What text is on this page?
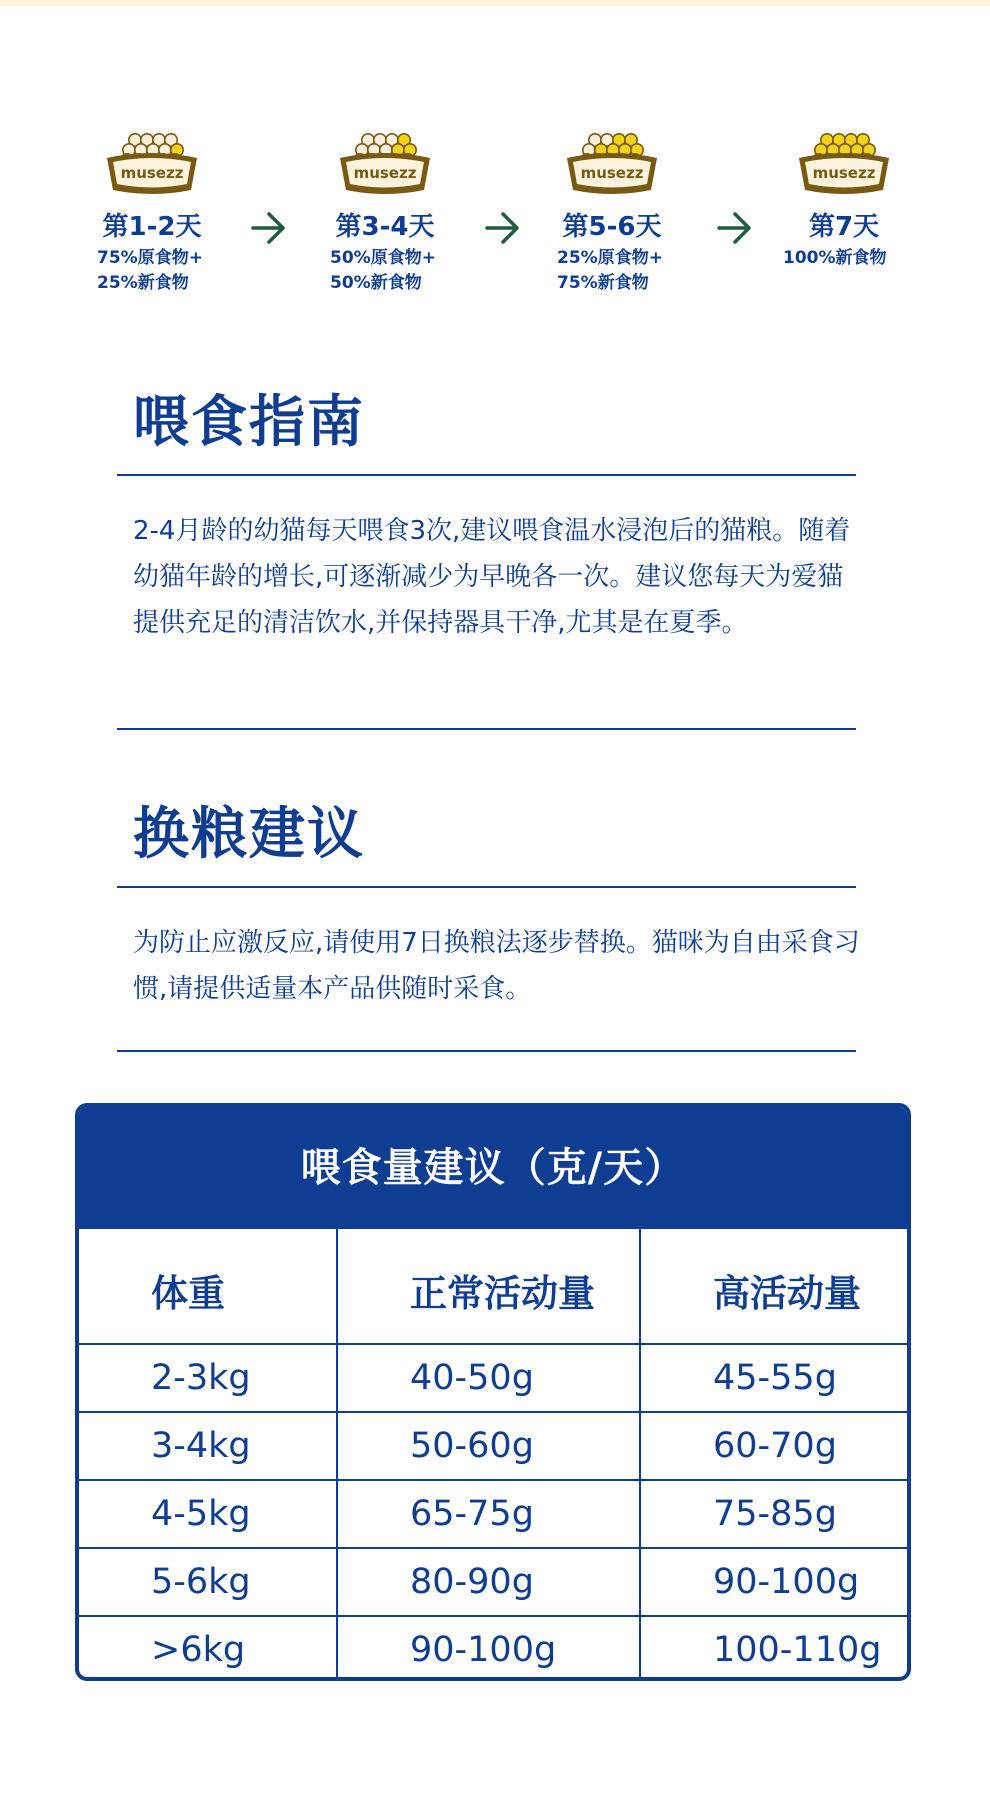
musezz
第1-2天
75%原食物+
25%新食物
musezz
第3-4天
50%原食物+
50%新食物
musezz
第5-6天
25%原食物+
75%新食物
musezz
第7天
100%新食物
喂食指南
2-4月龄的幼猫每天喂食3次,建议喂食温水浸泡后的猫粮。随着幼猫年龄的增长,可逐渐减少为早晚各一次。建议您每天为爱猫提供充足的清洁饮水,并保持器具干净,尤其是在夏季。
换粮建议
为防止应激反应,请使用7日换粮法逐步替换。猫咪为自由采食习惯,请提供适量本产品供随时采食。
喂食量建议（克/天）
体重	正常活动量	高活动量
2-3kg	40-50g	45-55g
3-4kg	50-60g	60-70g
4-5kg	65-75g	75-85g
5-6kg	80-90g	90-100g
>6kg	90-100g	100-110g
